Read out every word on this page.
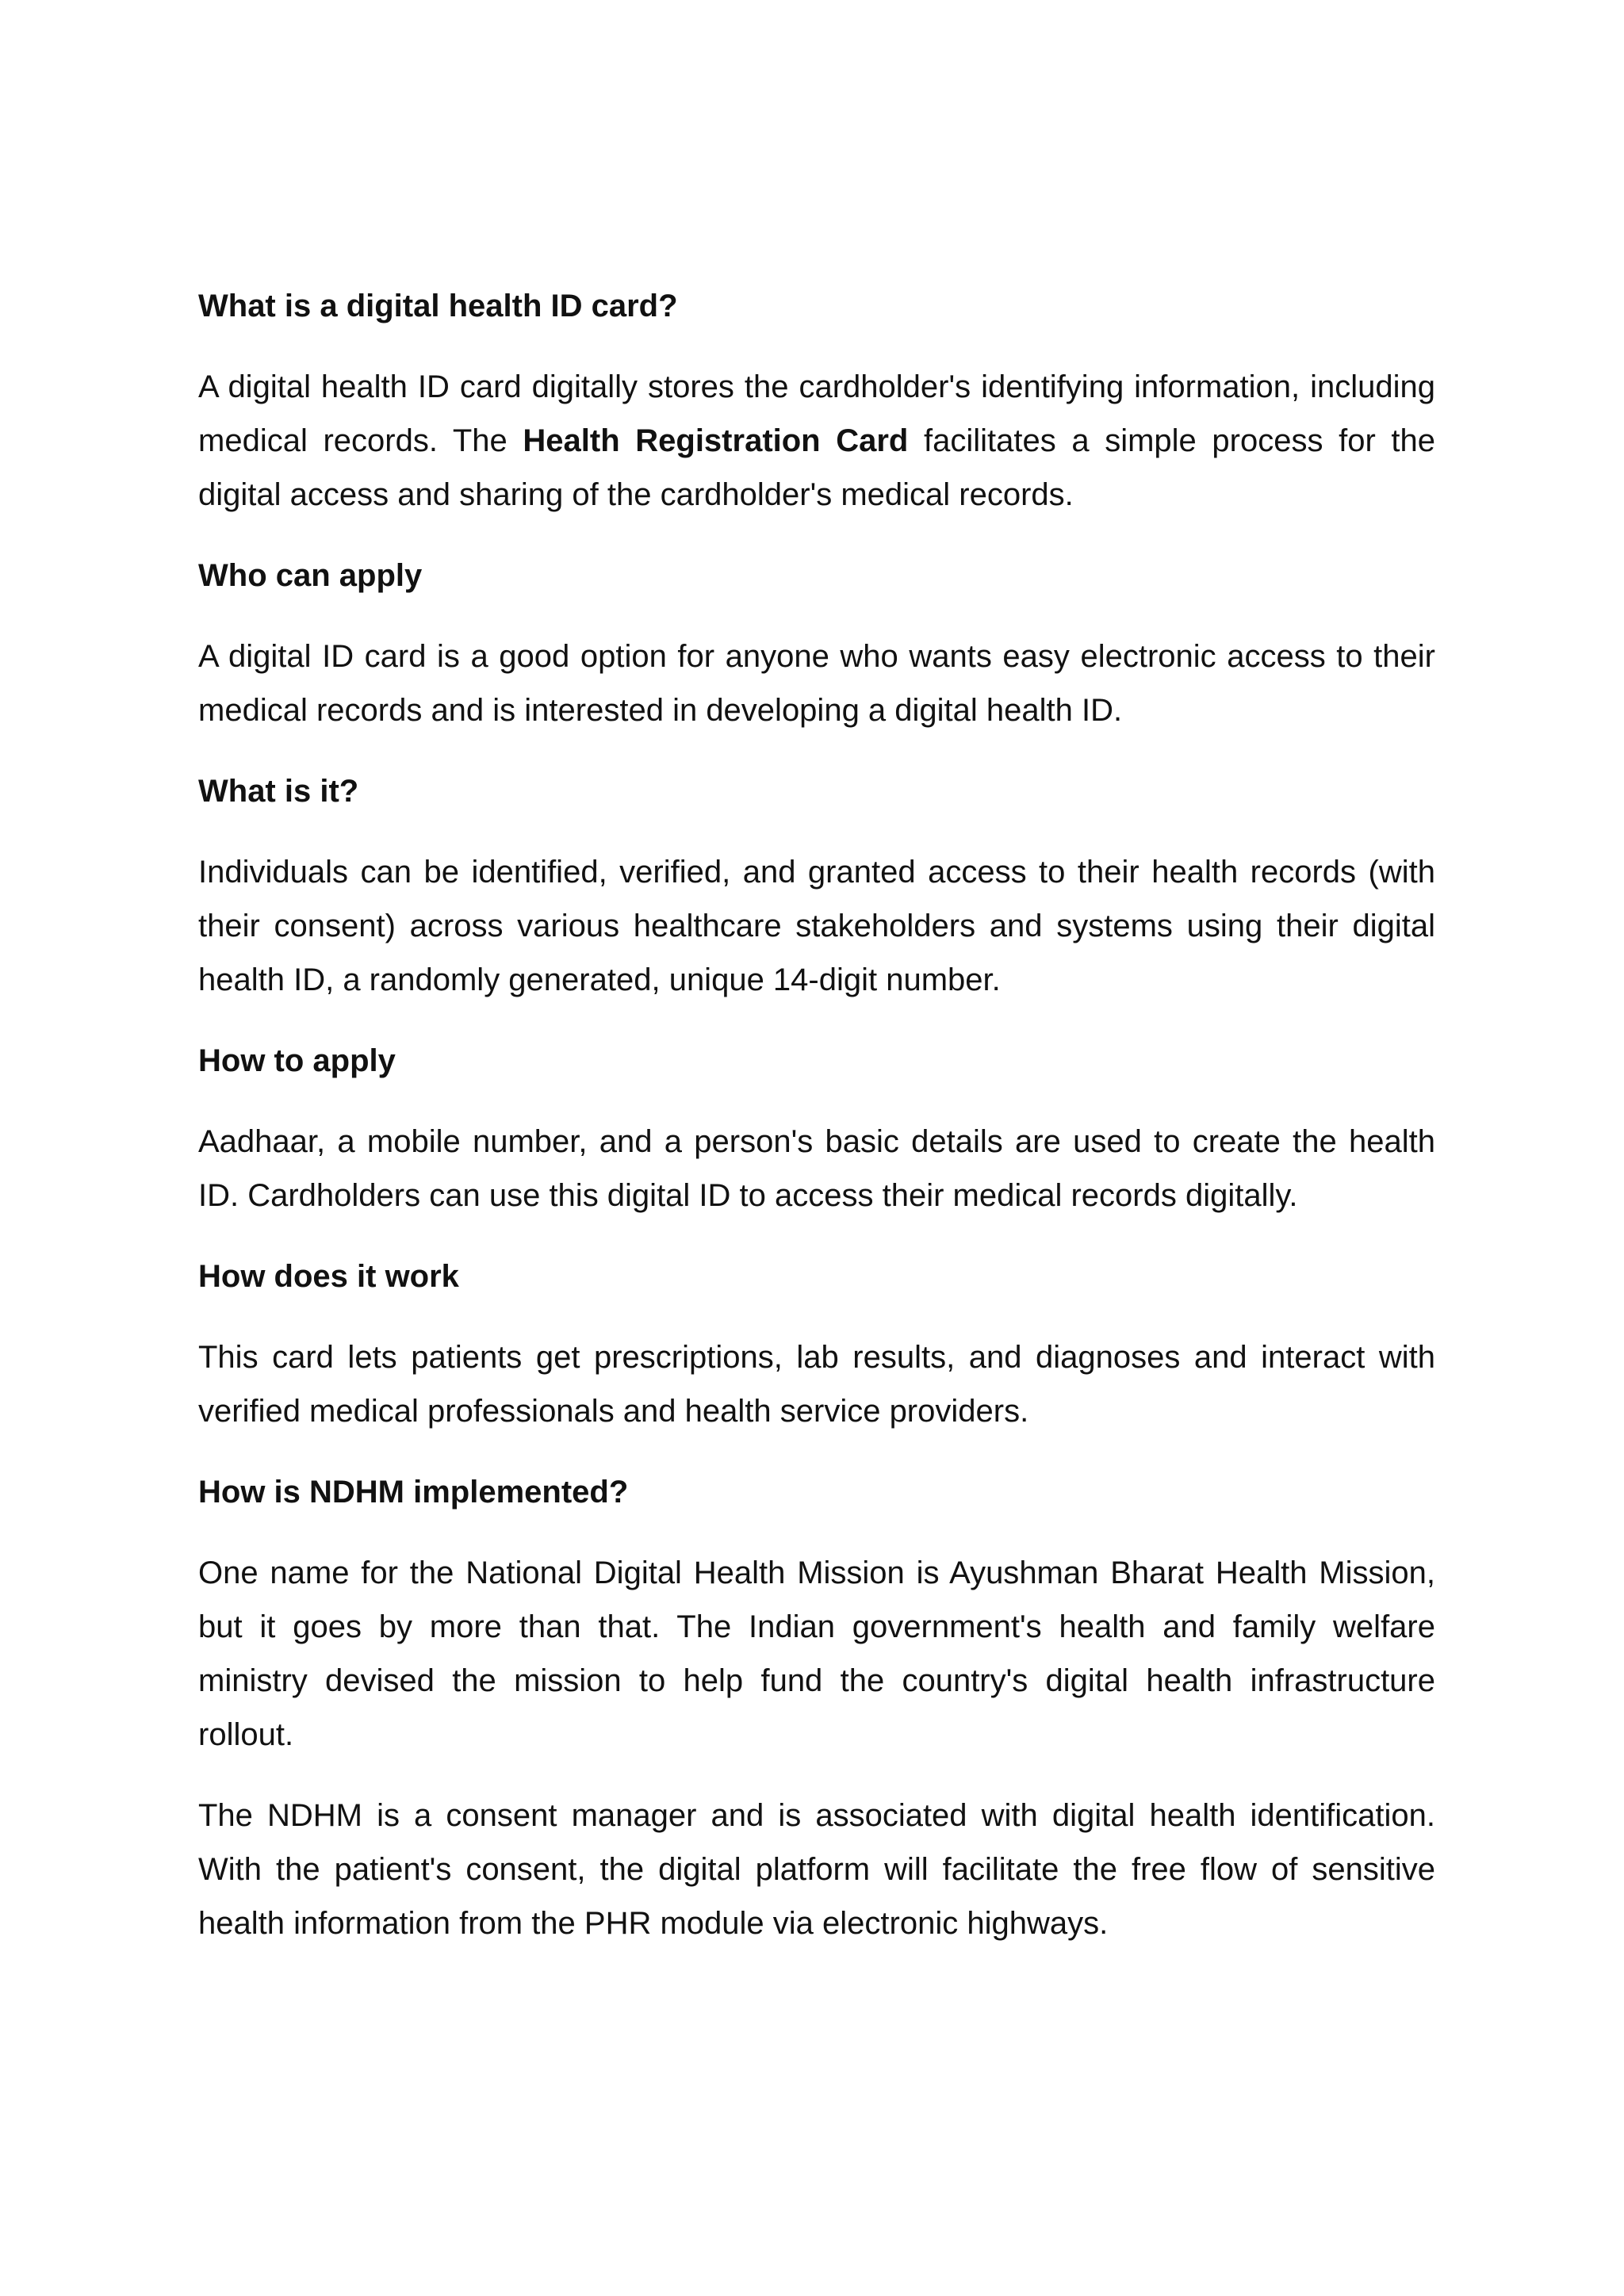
What is a digital health ID card?

A digital health ID card digitally stores the cardholder's identifying information, including medical records. The Health Registration Card facilitates a simple process for the digital access and sharing of the cardholder's medical records.

Who can apply

A digital ID card is a good option for anyone who wants easy electronic access to their medical records and is interested in developing a digital health ID.

What is it?

Individuals can be identified, verified, and granted access to their health records (with their consent) across various healthcare stakeholders and systems using their digital health ID, a randomly generated, unique 14-digit number.

How to apply

Aadhaar, a mobile number, and a person's basic details are used to create the health ID. Cardholders can use this digital ID to access their medical records digitally.

How does it work

This card lets patients get prescriptions, lab results, and diagnoses and interact with verified medical professionals and health service providers.

How is NDHM implemented?

One name for the National Digital Health Mission is Ayushman Bharat Health Mission, but it goes by more than that. The Indian government's health and family welfare ministry devised the mission to help fund the country's digital health infrastructure rollout.

The NDHM is a consent manager and is associated with digital health identification. With the patient's consent, the digital platform will facilitate the free flow of sensitive health information from the PHR module via electronic highways.
